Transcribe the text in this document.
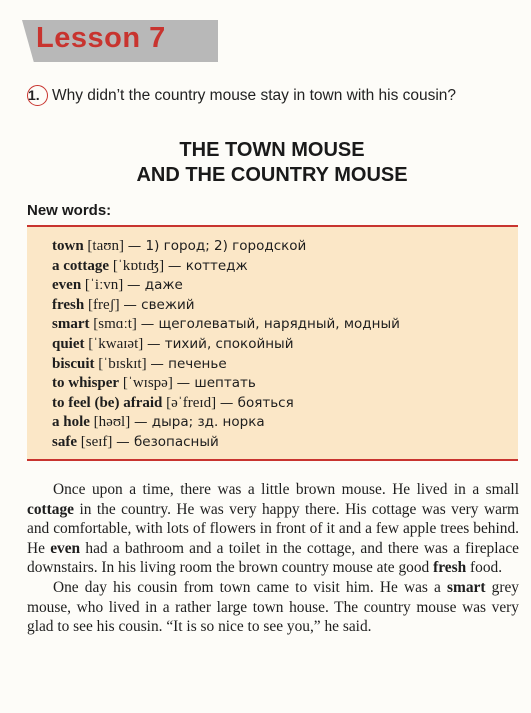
Lesson 7
1. Why didn’t the country mouse stay in town with his cousin?
THE TOWN MOUSE
AND THE COUNTRY MOUSE
New words:
town [taʊn] — 1) город; 2) городской
a cottage [ˈkɒtɪʤ] — коттедж
even [ˈiːvn] — даже
fresh [freʃ] — свежий
smart [smɑːt] — щеголеватый, нарядный, модный
quiet [ˈkwaɪət] — тихий, спокойный
biscuit [ˈbɪskɪt] — печенье
to whisper [ˈwɪspə] — шептать
to feel (be) afraid [əˈfreɪd] — бояться
a hole [həʊl] — дыра; зд. норка
safe [seɪf] — безопасный

Once upon a time, there was a little brown mouse. He lived in a small cottage in the country. He was very happy there. His cottage was very warm and comfortable, with lots of flowers in front of it and a few apple trees behind. He even had a bathroom and a toilet in the cottage, and there was a fireplace downstairs. In his living room the brown country mouse ate good fresh food.

One day his cousin from town came to visit him. He was a smart grey mouse, who lived in a rather large town house. The country mouse was very glad to see his cousin. “It is so nice to see you,” he said.
